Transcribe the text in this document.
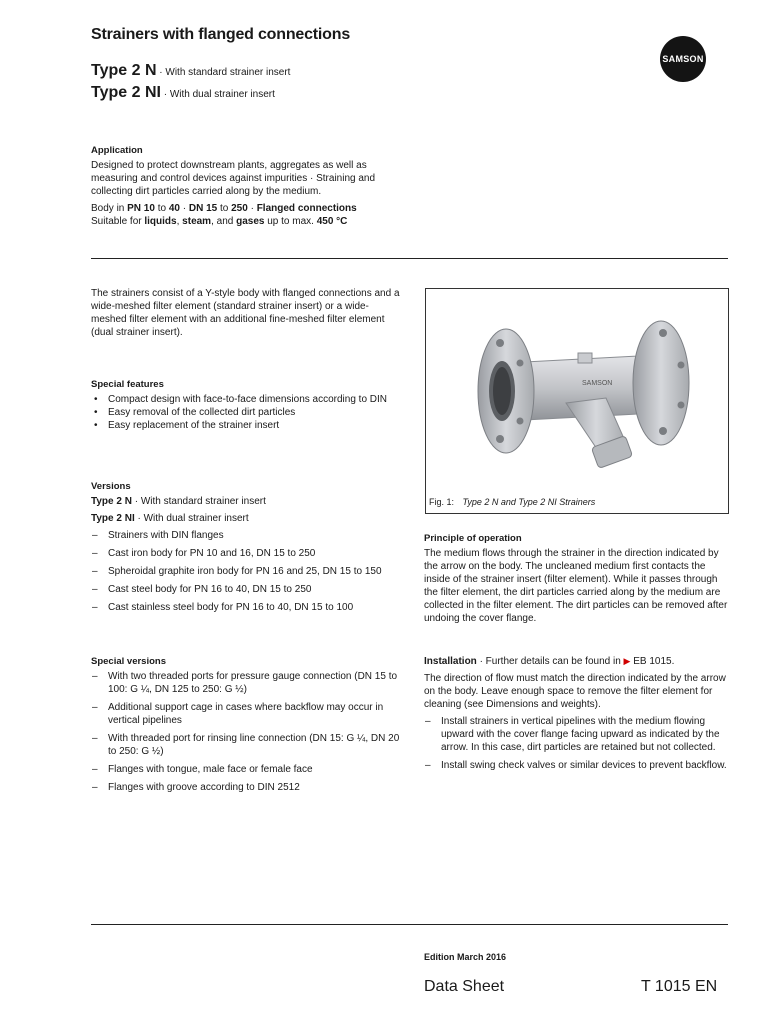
Strainers with flanged connections
Type 2 N · With standard strainer insert
Type 2 NI · With dual strainer insert
SAMSON
Application
Designed to protect downstream plants, aggregates as well as measuring and control devices against impurities · Straining and collecting dirt particles carried along by the medium.
Body in PN 10 to 40 · DN 15 to 250 · Flanged connections
Suitable for liquids, steam, and gases up to max. 450 °C
The strainers consist of a Y-style body with flanged connections and a wide-meshed filter element (standard strainer insert) or a wide-meshed filter element with an additional fine-meshed filter element (dual strainer insert).
Special features
• Compact design with face-to-face dimensions according to DIN
• Easy removal of the collected dirt particles
• Easy replacement of the strainer insert
Versions
Type 2 N · With standard strainer insert
Type 2 NI · With dual strainer insert
– Strainers with DIN flanges
– Cast iron body for PN 10 and 16, DN 15 to 250
– Spheroidal graphite iron body for PN 16 and 25, DN 15 to 150
– Cast steel body for PN 16 to 40, DN 15 to 250
– Cast stainless steel body for PN 16 to 40, DN 15 to 100
Special versions
– With two threaded ports for pressure gauge connection (DN 15 to 100: G ¼, DN 125 to 250: G ½)
– Additional support cage in cases where backflow may occur in vertical pipelines
– With threaded port for rinsing line connection (DN 15: G ¼, DN 20 to 250: G ½)
– Flanges with tongue, male face or female face
– Flanges with groove according to DIN 2512
SAMSON
Fig. 1: Type 2 N and Type 2 NI Strainers
Principle of operation
The medium flows through the strainer in the direction indicated by the arrow on the body. The uncleaned medium first contacts the inside of the strainer insert (filter element). While it passes through the filter element, the dirt particles carried along by the medium are collected in the filter element. The dirt particles can be removed after undoing the cover flange.
Installation · Further details can be found in ▶ EB 1015.
The direction of flow must match the direction indicated by the arrow on the body. Leave enough space to remove the filter element for cleaning (see Dimensions and weights).
– Install strainers in vertical pipelines with the medium flowing upward with the cover flange facing upward as indicated by the arrow. In this case, dirt particles are retained but not collected.
– Install swing check valves or similar devices to prevent backflow.
Edition March 2016
Data Sheet	T 1015 EN
